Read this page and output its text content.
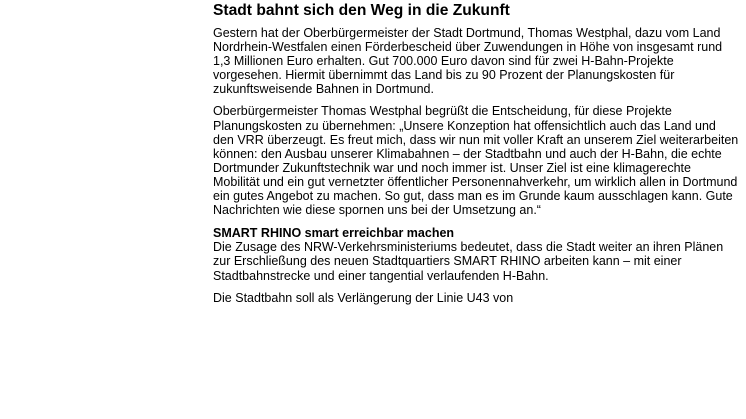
Stadt bahnt sich den Weg in die Zukunft

Gestern hat der Oberbürgermeister der Stadt Dortmund, Thomas Westphal, dazu vom Land Nordrhein-Westfalen einen Förderbescheid über Zuwendungen in Höhe von insgesamt rund 1,3 Millionen Euro erhalten. Gut 700.000 Euro davon sind für zwei H-Bahn-Projekte vorgesehen. Hiermit übernimmt das Land bis zu 90 Prozent der Planungskosten für zukunftsweisende Bahnen in Dortmund.

Oberbürgermeister Thomas Westphal begrüßt die Entscheidung, für diese Projekte Planungskosten zu übernehmen: „Unsere Konzeption hat offensichtlich auch das Land und den VRR überzeugt. Es freut mich, dass wir nun mit voller Kraft an unserem Ziel weiterarbeiten können: den Ausbau unserer Klimabahnen – der Stadtbahn und auch der H-Bahn, die echte Dortmunder Zukunftstechnik war und noch immer ist. Unser Ziel ist eine klimagerechte Mobilität und ein gut vernetzter öffentlicher Personennahverkehr, um wirklich allen in Dortmund ein gutes Angebot zu machen. So gut, dass man es im Grunde kaum ausschlagen kann. Gute Nachrichten wie diese spornen uns bei der Umsetzung an.“

SMART RHINO smart erreichbar machen

Die Zusage des NRW-Verkehrsministeriums bedeutet, dass die Stadt weiter an ihren Plänen zur Erschließung des neuen Stadtquartiers SMART RHINO arbeiten kann – mit einer Stadtbahnstrecke und einer tangential verlaufenden H-Bahn.

Die Stadtbahn soll als Verlängerung der Linie U43 von
